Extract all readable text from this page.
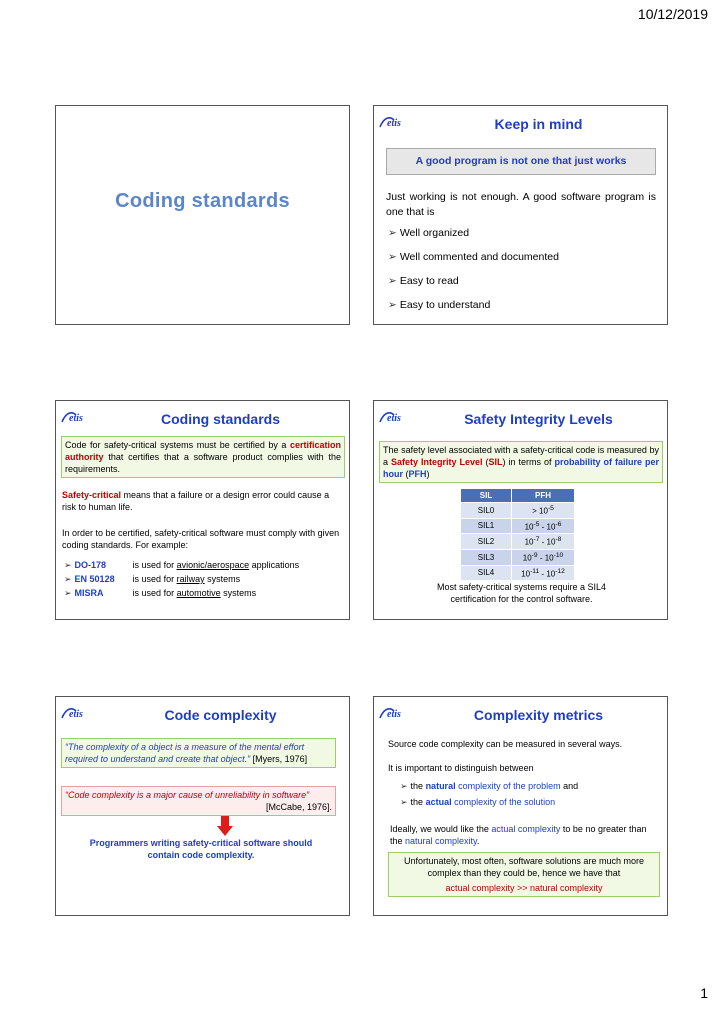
10/12/2019
Coding standards
etis	Keep in mind
A good program is not one that just works
Just working is not enough. A good software program is one that is
➢ Well organized
➢ Well commented and documented
➢ Easy to read
➢ Easy to understand
etis	Coding standards
Code for safety-critical systems must be certified by a certification authority that certifies that a software product complies with the requirements.
Safety-critical means that a failure or a design error could cause a risk to human life.
In order to be certified, safety-critical software must comply with given coding standards. For example:
➢ DO-178	is used for avionic/aerospace applications
➢ EN 50128 is used for railway systems
➢ MISRA	is used for automotive systems
etis	Safety Integrity Levels
The safety level associated with a safety-critical code is measured by a Safety Integrity Level (SIL) in terms of probability of failure per hour (PFH)
SIL	PFH
SIL0	> $10^{-5}$
SIL1	$10^{-5} - 10^{-6}$
SIL2	$10^{-7} - 10^{-8}$
SIL3	$10^{-9} - 10^{-10}$
SIL4	$10^{-11} - 10^{-12}$
Most safety-critical systems require a SIL4 certification for the control software.
etis	Code complexity
“The complexity of a object is a measure of the mental effort required to understand and create that object.” [Myers, 1976]
“Code complexity is a major cause of unreliability in software”
[McCabe, 1976].
Programmers writing safety-critical software should contain code complexity.
etis	Complexity metrics
Source code complexity can be measured in several ways.
It is important to distinguish between
➢ the natural complexity of the problem and
➢ the actual complexity of the solution
Ideally, we would like the actual complexity to be no greater than the natural complexity.
Unfortunately, most often, software solutions are much more complex than they could be, hence we have that
actual complexity >> natural complexity
1
